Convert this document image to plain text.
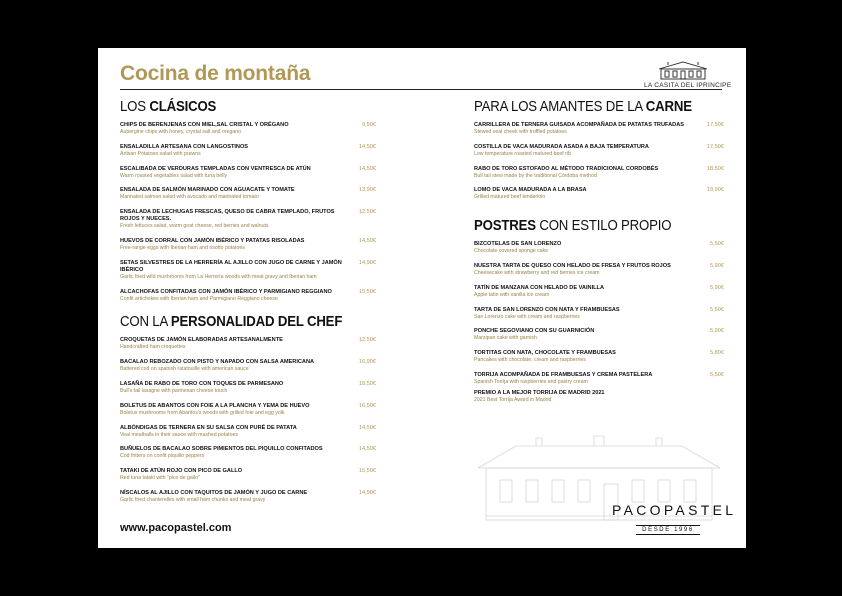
Cocina de montaña
LA CASITA DEL IPRINCIPE
LOS CLÁSICOS
CHIPS DE BERENJENAS CON MIEL,SAL CRISTAL Y ORÉGANO
Aubergine chips with honey, crystal salt and oregano
9,50€
ENSALADILLA ARTESANA CON LANGOSTINOS
Artisan Potatoes salad with prawns
14,50€
ESCALIBADA DE VERDURAS TEMPLADAS CON VENTRESCA DE ATÚN
Warm roasted vegetables salad with tuna belly
14,50€
ENSALADA DE SALMÓN MARINADO CON AGUACATE Y TOMATE
Marinated salmon salad with avocado and marinated tomato
13,90€
ENSALADA DE LECHUGAS FRESCAS, QUESO DE CABRA TEMPLADO, FRUTOS ROJOS Y NUECES.
Fresh lettuces salad, warm goat cheese, red berries and walnuts
12,50€
HUEVOS DE CORRAL CON JAMÓN IBÉRICO Y PATATAS RISOLADAS
Free-range eggs with Iberian ham and risotto potatoes
14,50€
SETAS SILVESTRES DE LA HERRERÍA AL AJILLO CON JUGO DE CARNE Y JAMÓN IBÉRICO
Garlic fried wild mushrooms from La Herrería woods with meat gravy and Iberian ham
14,90€
ALCACHOFAS CONFITADAS CON JAMÓN IBÉRICO Y PARMIGIANO REGGIANO
Confit artichokes with Iberian ham and Parmigiano Reggiano cheese
15,50€
CON LA PERSONALIDAD DEL CHEF
CROQUETAS DE JAMÓN ELABORADAS ARTESANALMENTE
Handcrafted ham croquettes
12,50€
BACALAO REBOZADO CON PISTO Y NAPADO CON SALSA AMERICANA
Battered cod on spanish ratatouille with american sauce
16,90€
LASAÑA DE RABO DE TORO CON TOQUES DE PARMESANO
Bull's tail lasagne with parmesan cheese touch
18,50€
BOLETUS DE ABANTOS CON FOIE A LA PLANCHA Y YEMA DE HUEVO
Boletus mushrooms from Abantos's woods with grilled foie and egg yolk
16,50€
ALBÓNDIGAS DE TERNERA EN SU SALSA CON PURÉ DE PATATA
Veal meatballs in their sauce with mashed potatoes
14,50€
BUÑUELOS DE BACALAO SOBRE PIMIENTOS DEL PIQUILLO CONFITADOS
Cod fritters on confit piquillo peppers
14,50€
TATAKI DE ATÚN ROJO CON PICO DE GALLO
Red tuna tataki with "pico de gallo"
15,50€
NÍSCALOS AL AJILLO CON TAQUITOS DE JAMÓN Y JUGO DE CARNE
Garlic fried chanterelles with small ham chunks and meat gravy
14,90€
PARA LOS AMANTES DE LA CARNE
CARRILLERA DE TERNERA GUISADA ACOMPAÑADA DE PATATAS TRUFADAS
Stewed veal cheek with truffled potatoes
17,50€
COSTILLA DE VACA MADURADA ASADA A BAJA TEMPERATURA
Low temperature roasted matured beef rib
17,50€
RABO DE TORO ESTOFADO AL MÉTODO TRADICIONAL CORDOBÉS
Bull tail stew made by the traditional Córdoba method
18,50€
LOMO DE VACA MADURADA A LA BRASA
Grilled matured beef tenderloin
19,90€
POSTRES CON ESTILO PROPIO
BIZCOTELAS DE SAN LORENZO
Chocolate covered sponge cake
5,50€
NUESTRA TARTA DE QUESO CON HELADO DE FRESA Y FRUTOS ROJOS
Cheesecake with strawberry and red berries ice cream
5,90€
TATÍN DE MANZANA CON HELADO DE VAINILLA
Apple tatin with vanilla ice cream
5,90€
TARTA DE SAN LORENZO CON NATA Y FRAMBUESAS
San Lorenzo cake with cream and raspberries
5,50€
PONCHE SEGOVIANO CON SU GUARNICIÓN
Marzipan cake with garnish
5,90€
TORTITAS CON NATA, CHOCOLATE Y FRAMBUESAS
Pancakes with chocolate, cream and raspberries
5,80€
TORRIJA ACOMPAÑADA DE FRAMBUESAS Y CREMA PASTELERA
Spanish Torrija with raspberries and pastry cream
5,50€
PREMIO A LA MEJOR TORRIJA DE MADRID 2021
2021 Best Torrija Award in Madrid
www.pacopastel.com
PACOPASTEL
DESDE 1996
